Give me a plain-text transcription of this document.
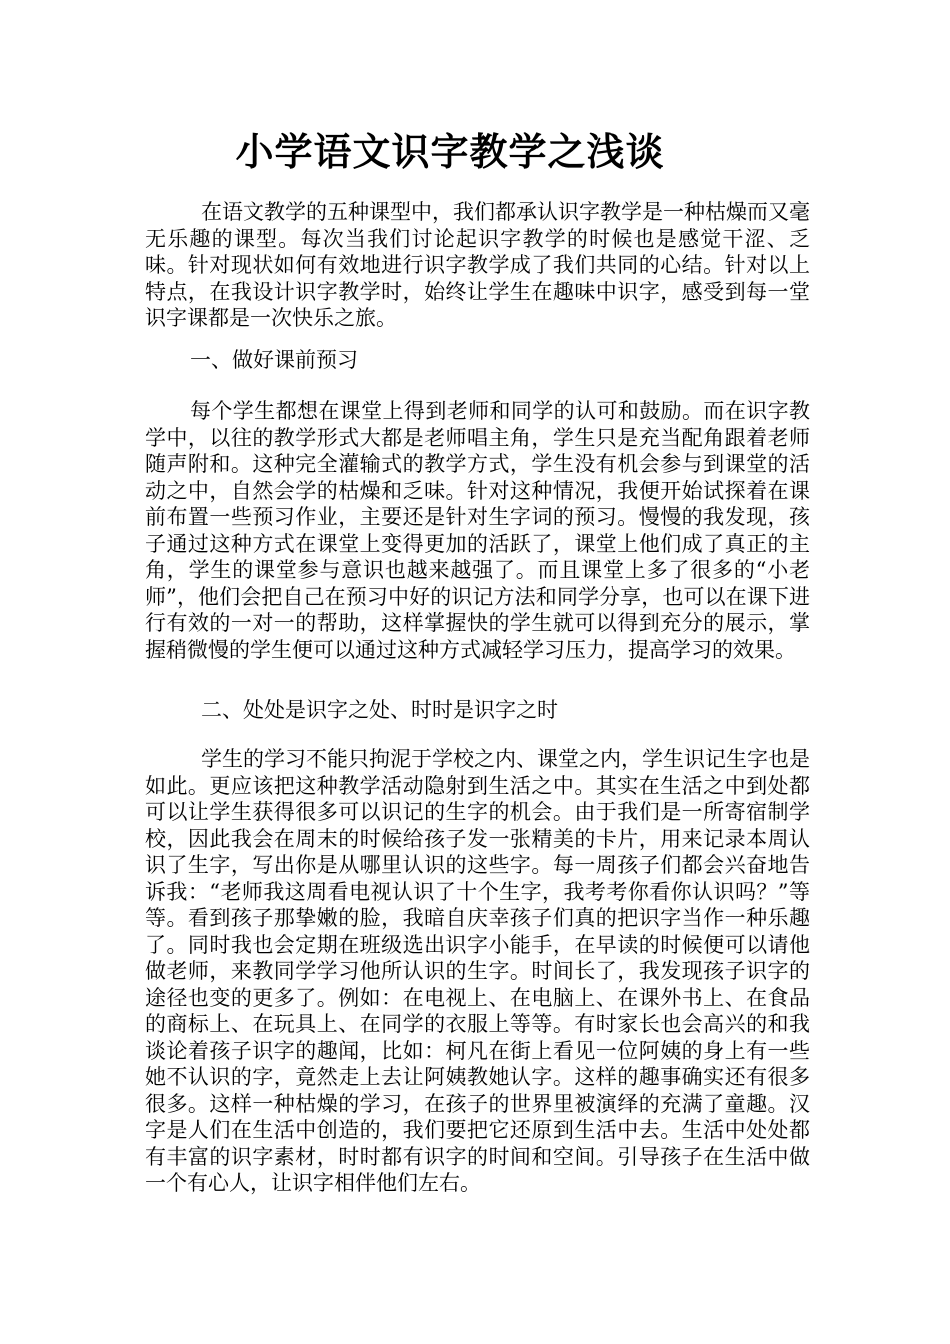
小学语文识字教学之浅谈

在语文教学的五种课型中，我们都承认识字教学是一种枯燥而又毫无乐趣的课型。每次当我们讨论起识字教学的时候也是感觉干涩、乏味。针对现状如何有效地进行识字教学成了我们共同的心结。针对以上特点，在我设计识字教学时，始终让学生在趣味中识字，感受到每一堂识字课都是一次快乐之旅。

一、做好课前预习

每个学生都想在课堂上得到老师和同学的认可和鼓励。而在识字教学中，以往的教学形式大都是老师唱主角，学生只是充当配角跟着老师随声附和。这种完全灌输式的教学方式，学生没有机会参与到课堂的活动之中，自然会学的枯燥和乏味。针对这种情况，我便开始试探着在课前布置一些预习作业，主要还是针对生字词的预习。慢慢的我发现，孩子通过这种方式在课堂上变得更加的活跃了，课堂上他们成了真正的主角，学生的课堂参与意识也越来越强了。而且课堂上多了很多的“小老师”，他们会把自己在预习中好的识记方法和同学分享，也可以在课下进行有效的一对一的帮助，这样掌握快的学生就可以得到充分的展示，掌握稍微慢的学生便可以通过这种方式减轻学习压力，提高学习的效果。

二、处处是识字之处、时时是识字之时

学生的学习不能只拘泥于学校之内、课堂之内，学生识记生字也是如此。更应该把这种教学活动隐射到生活之中。其实在生活之中到处都可以让学生获得很多可以识记的生字的机会。由于我们是一所寄宿制学校，因此我会在周末的时候给孩子发一张精美的卡片，用来记录本周认识了生字，写出你是从哪里认识的这些字。每一周孩子们都会兴奋地告诉我：“老师我这周看电视认识了十个生字，我考考你看你认识吗？”等等。看到孩子那挚嫩的脸，我暗自庆幸孩子们真的把识字当作一种乐趣了。同时我也会定期在班级选出识字小能手，在早读的时候便可以请他做老师，来教同学学习他所认识的生字。时间长了，我发现孩子识字的途径也变的更多了。例如：在电视上、在电脑上、在课外书上、在食品的商标上、在玩具上、在同学的衣服上等等。有时家长也会高兴的和我谈论着孩子识字的趣闻，比如：柯凡在街上看见一位阿姨的身上有一些她不认识的字，竟然走上去让阿姨教她认字。这样的趣事确实还有很多很多。这样一种枯燥的学习，在孩子的世界里被演绎的充满了童趣。汉字是人们在生活中创造的，我们要把它还原到生活中去。生活中处处都有丰富的识字素材，时时都有识字的时间和空间。引导孩子在生活中做一个有心人，让识字相伴他们左右。
